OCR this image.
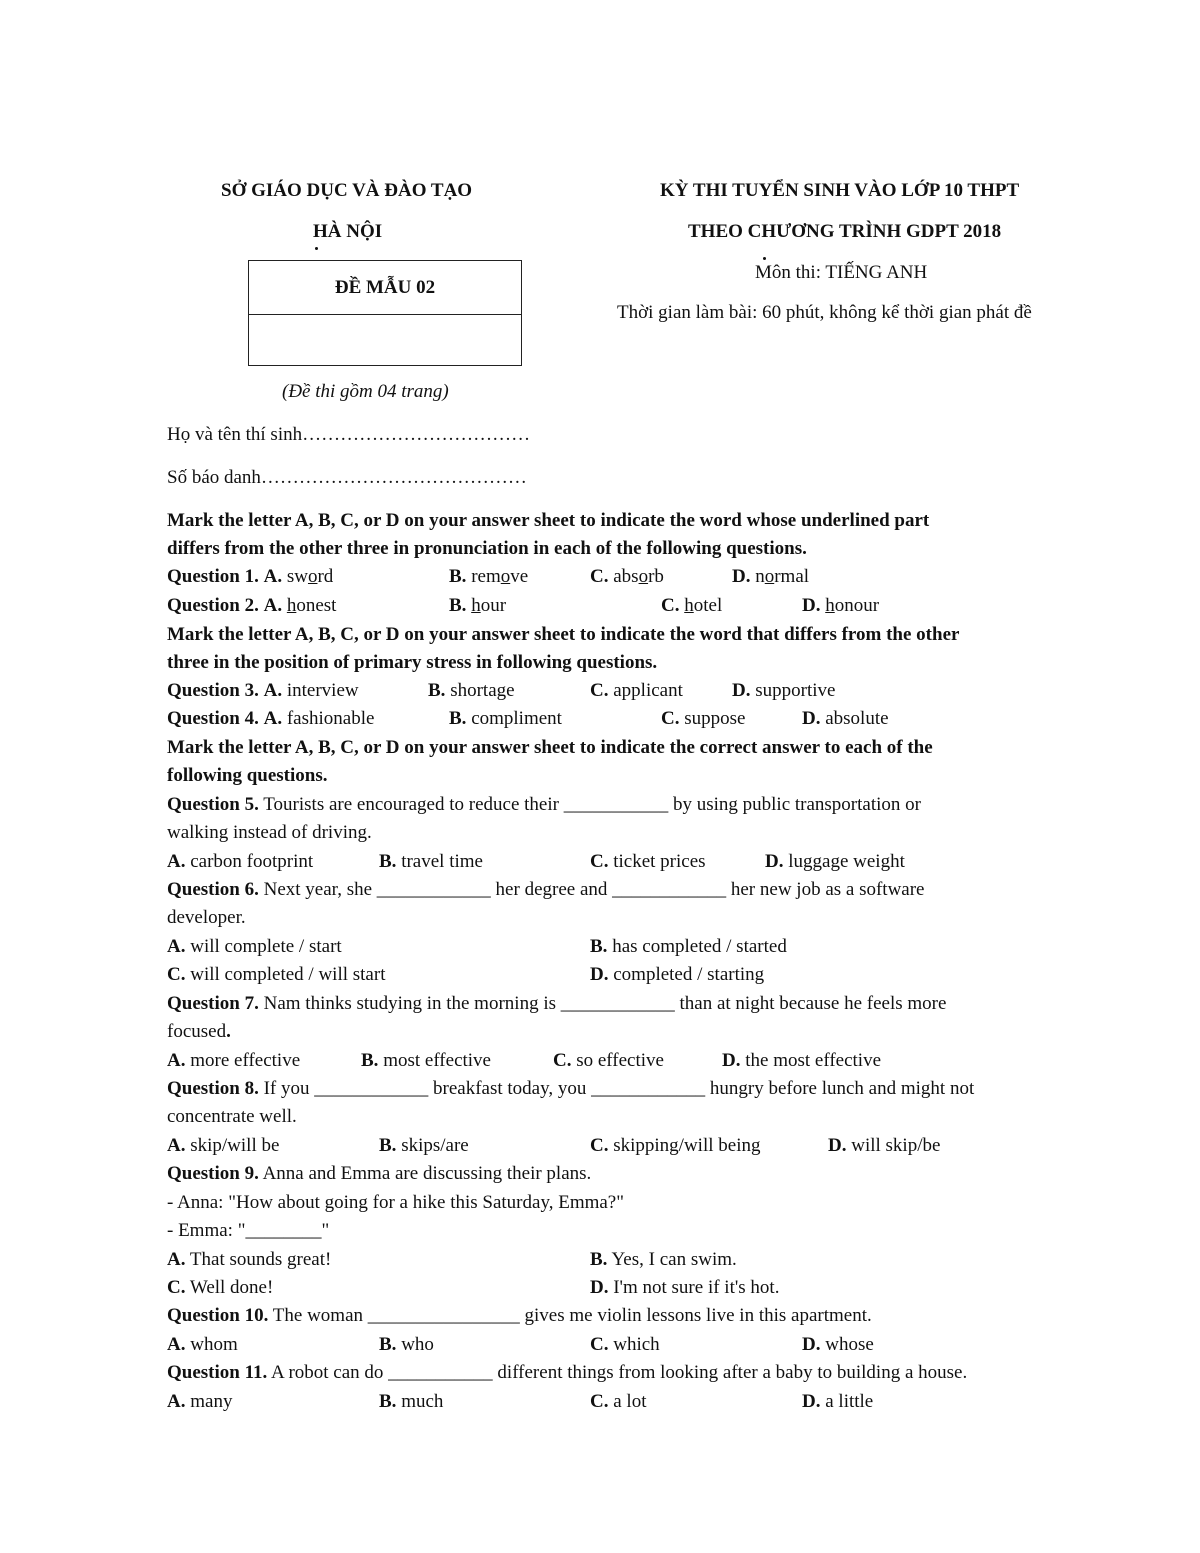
SỞ GIÁO DỤC VÀ ĐÀO TẠO
HÀ NỘI
KỲ THI TUYỂN SINH VÀO LỚP 10 THPT
THEO CHƯƠNG TRÌNH GDPT 2018
Môn thi: TIẾNG ANH
Thời gian làm bài: 60 phút, không kể thời gian phát đề
ĐỀ MẪU 02
(Đề thi gồm 04 trang)
Họ và tên thí sinh………………………………
Số báo danh……………………………………
Mark the letter A, B, C, or D on your answer sheet to indicate the word whose underlined part
differs from the other three in pronunciation in each of the following questions.
Question 1. A. sword	B. remove	C. absorb	D. normal
Question 2. A. honest	B. hour	C. hotel	D. honour
Mark the letter A, B, C, or D on your answer sheet to indicate the word that differs from the other
three in the position of primary stress in following questions.
Question 3. A. interview	B. shortage	C. applicant	D. supportive
Question 4. A. fashionable	B. compliment	C. suppose	D. absolute
Mark the letter A, B, C, or D on your answer sheet to indicate the correct answer to each of the
following questions.
Question 5. Tourists are encouraged to reduce their ___________ by using public transportation or
walking instead of driving.
A. carbon footprint	B. travel time	C. ticket prices	D. luggage weight
Question 6. Next year, she ____________ her degree and ____________ her new job as a software
developer.
A. will complete / start	B. has completed / started
C. will completed / will start	D. completed / starting
Question 7. Nam thinks studying in the morning is ____________ than at night because he feels more
focused.
A. more effective	B. most effective	C. so effective	D. the most effective
Question 8. If you ____________ breakfast today, you ____________ hungry before lunch and might not
concentrate well.
A. skip/will be	B. skips/are	C. skipping/will being	D. will skip/be
Question 9. Anna and Emma are discussing their plans.
- Anna: "How about going for a hike this Saturday, Emma?"
- Emma: "________"
A. That sounds great!	B. Yes, I can swim.
C. Well done!	D. I'm not sure if it's hot.
Question 10. The woman ________________ gives me violin lessons live in this apartment.
A. whom	B. who	C. which	D. whose
Question 11. A robot can do ___________ different things from looking after a baby to building a house.
A. many	B. much	C. a lot	D. a little
